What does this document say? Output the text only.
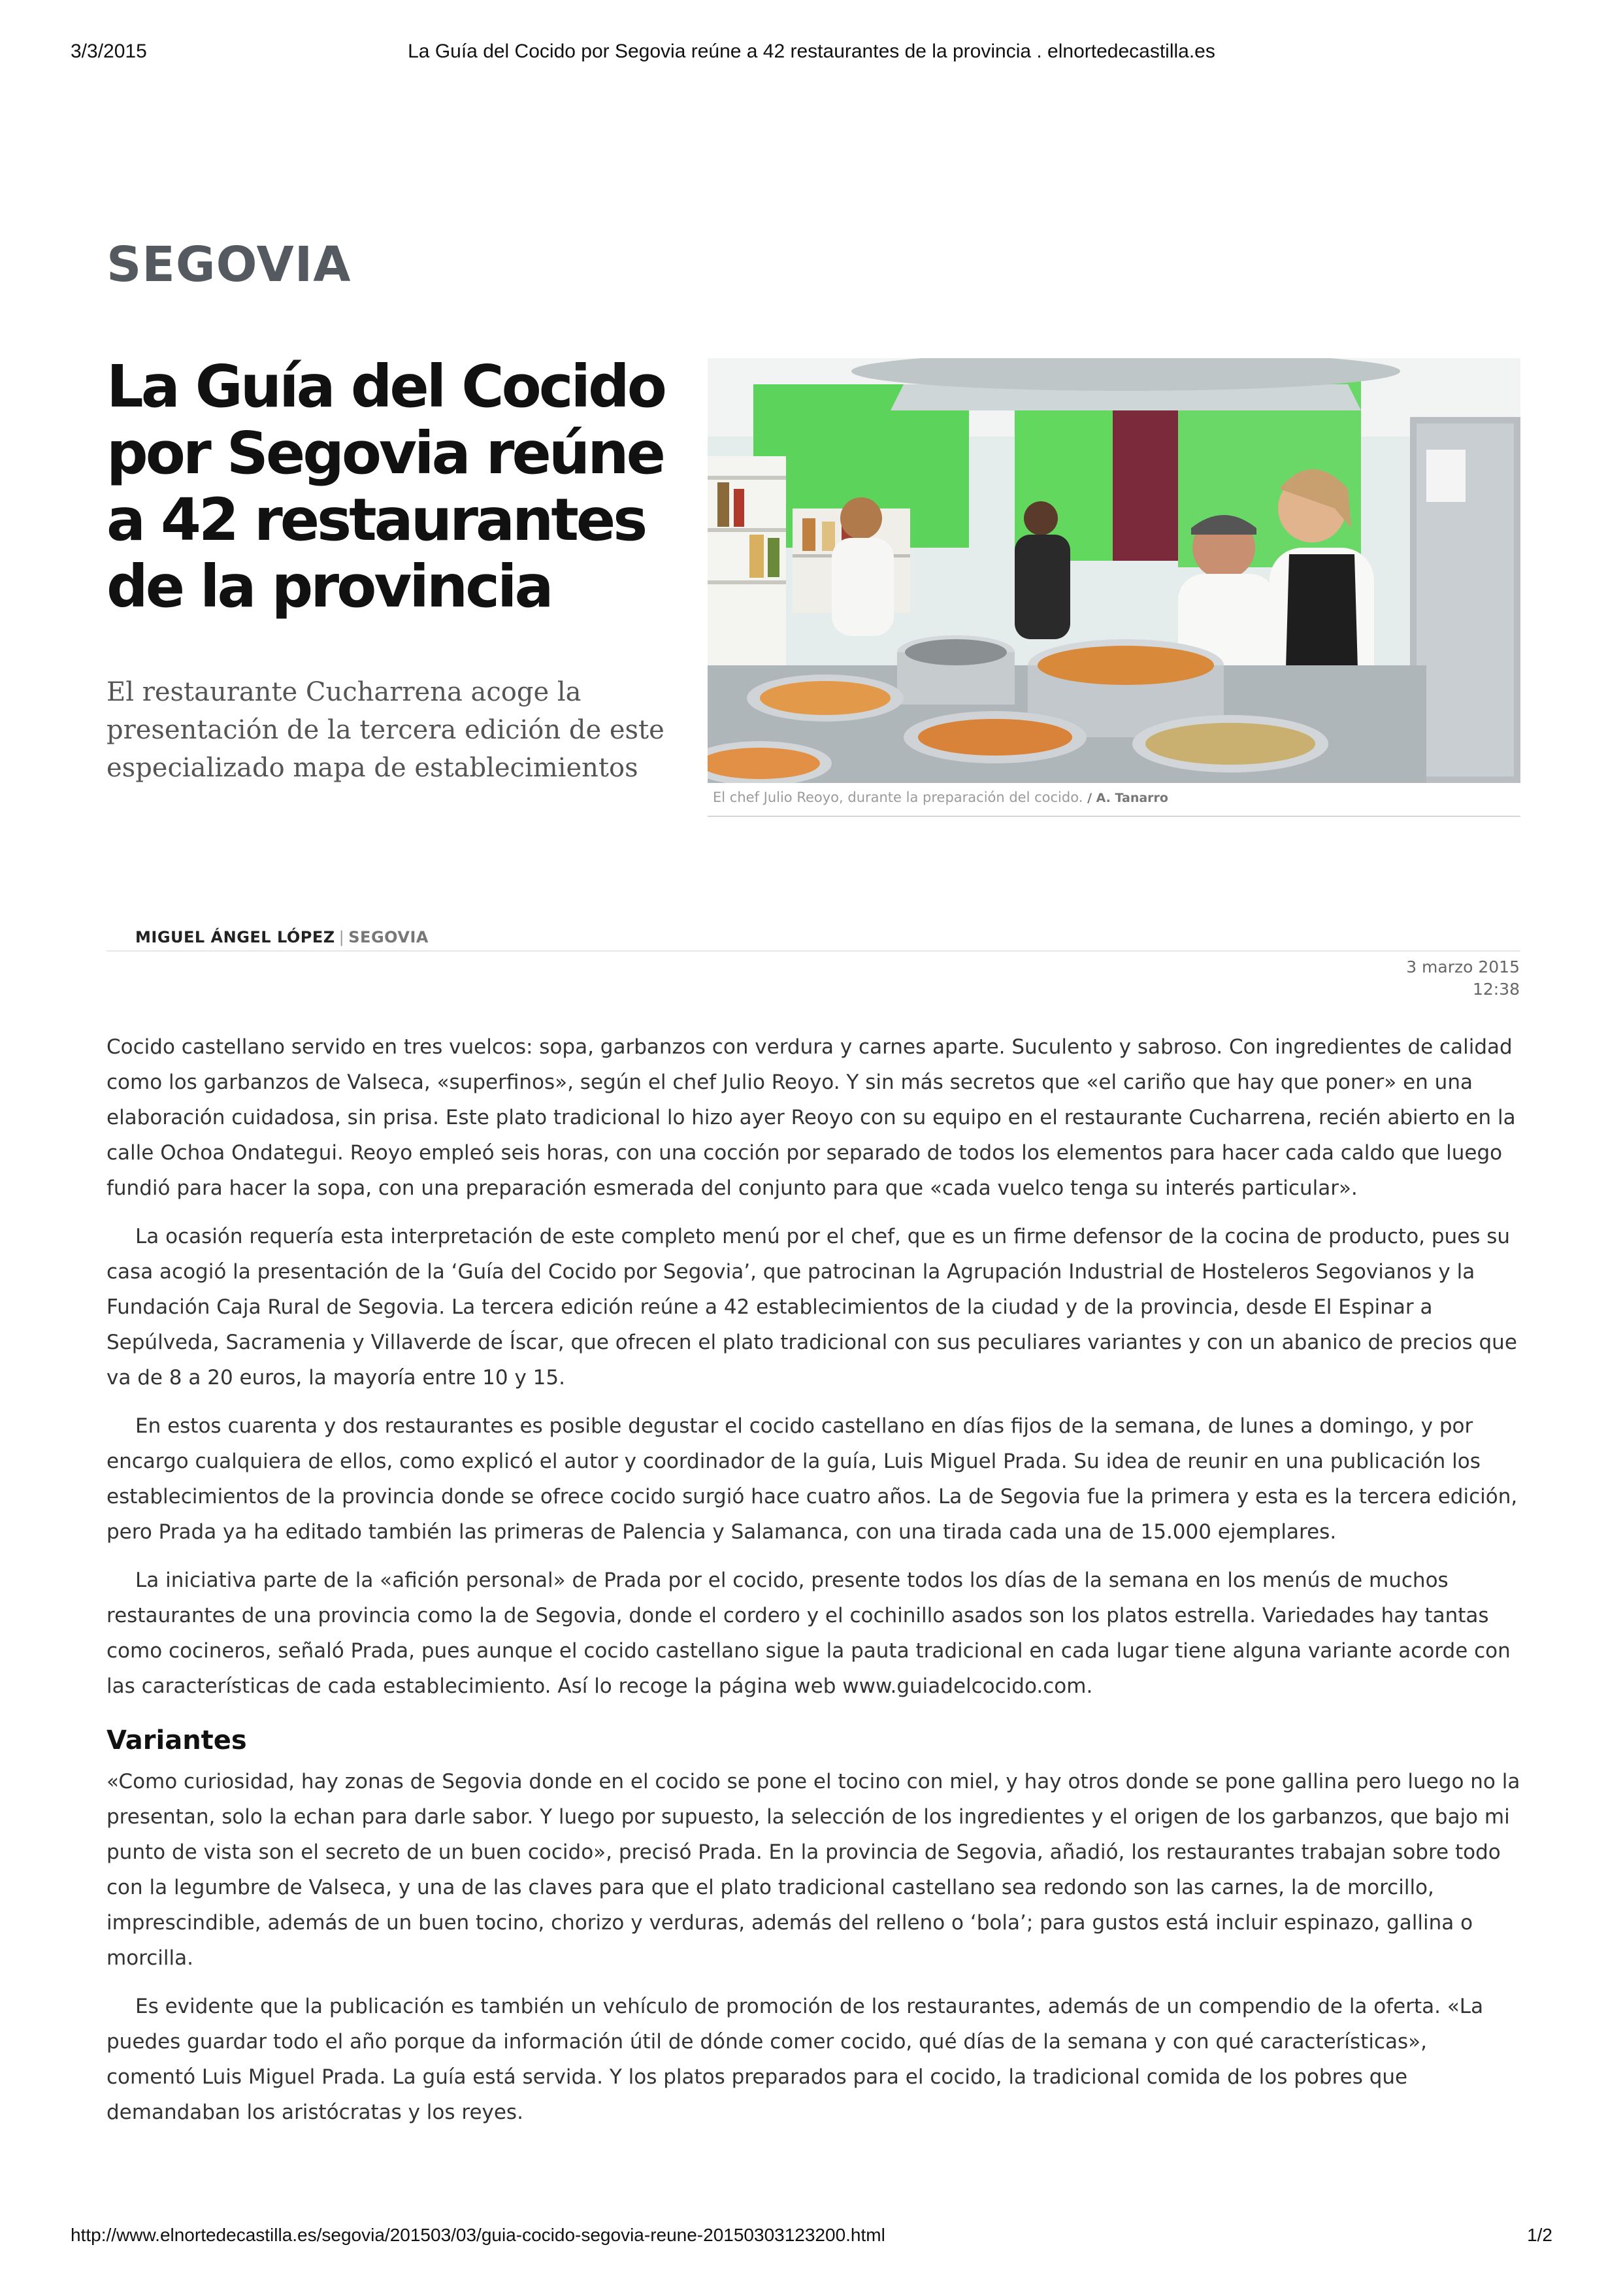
3/3/2015	La Guía del Cocido por Segovia reúne a 42 restaurantes de la provincia . elnortedecastilla.es
SEGOVIA
La Guía del Cocido por Segovia reúne a 42 restaurantes de la provincia

El restaurante Cucharrena acoge la presentación de la tercera edición de este especializado mapa de establecimientos

El chef Julio Reoyo, durante la preparación del cocido. / A. Tanarro
MIGUEL ÁNGEL LÓPEZ | SEGOVIA
3 marzo 2015
12:38

Cocido castellano servido en tres vuelcos: sopa, garbanzos con verdura y carnes aparte. Suculento y sabroso. Con ingredientes de calidad como los garbanzos de Valseca, «superfinos», según el chef Julio Reoyo. Y sin más secretos que «el cariño que hay que poner» en una elaboración cuidadosa, sin prisa. Este plato tradicional lo hizo ayer Reoyo con su equipo en el restaurante Cucharrena, recién abierto en la calle Ochoa Ondategui. Reoyo empleó seis horas, con una cocción por separado de todos los elementos para hacer cada caldo que luego fundió para hacer la sopa, con una preparación esmerada del conjunto para que «cada vuelco tenga su interés particular».

La ocasión requería esta interpretación de este completo menú por el chef, que es un firme defensor de la cocina de producto, pues su casa acogió la presentación de la ‘Guía del Cocido por Segovia’, que patrocinan la Agrupación Industrial de Hosteleros Segovianos y la Fundación Caja Rural de Segovia. La tercera edición reúne a 42 establecimientos de la ciudad y de la provincia, desde El Espinar a Sepúlveda, Sacramenia y Villaverde de Íscar, que ofrecen el plato tradicional con sus peculiares variantes y con un abanico de precios que va de 8 a 20 euros, la mayoría entre 10 y 15.

En estos cuarenta y dos restaurantes es posible degustar el cocido castellano en días fijos de la semana, de lunes a domingo, y por encargo cualquiera de ellos, como explicó el autor y coordinador de la guía, Luis Miguel Prada. Su idea de reunir en una publicación los establecimientos de la provincia donde se ofrece cocido surgió hace cuatro años. La de Segovia fue la primera y esta es la tercera edición, pero Prada ya ha editado también las primeras de Palencia y Salamanca, con una tirada cada una de 15.000 ejemplares.

La iniciativa parte de la «afición personal» de Prada por el cocido, presente todos los días de la semana en los menús de muchos restaurantes de una provincia como la de Segovia, donde el cordero y el cochinillo asados son los platos estrella. Variedades hay tantas como cocineros, señaló Prada, pues aunque el cocido castellano sigue la pauta tradicional en cada lugar tiene alguna variante acorde con las características de cada establecimiento. Así lo recoge la página web www.guiadelcocido.com.

Variantes

«Como curiosidad, hay zonas de Segovia donde en el cocido se pone el tocino con miel, y hay otros donde se pone gallina pero luego no la presentan, solo la echan para darle sabor. Y luego por supuesto, la selección de los ingredientes y el origen de los garbanzos, que bajo mi punto de vista son el secreto de un buen cocido», precisó Prada. En la provincia de Segovia, añadió, los restaurantes trabajan sobre todo con la legumbre de Valseca, y una de las claves para que el plato tradicional castellano sea redondo son las carnes, la de morcillo, imprescindible, además de un buen tocino, chorizo y verduras, además del relleno o ‘bola’; para gustos está incluir espinazo, gallina o morcilla.

Es evidente que la publicación es también un vehículo de promoción de los restaurantes, además de un compendio de la oferta. «La puedes guardar todo el año porque da información útil de dónde comer cocido, qué días de la semana y con qué características», comentó Luis Miguel Prada. La guía está servida. Y los platos preparados para el cocido, la tradicional comida de los pobres que demandaban los aristócratas y los reyes.

http://www.elnortedecastilla.es/segovia/201503/03/guia-cocido-segovia-reune-20150303123200.html	1/2
